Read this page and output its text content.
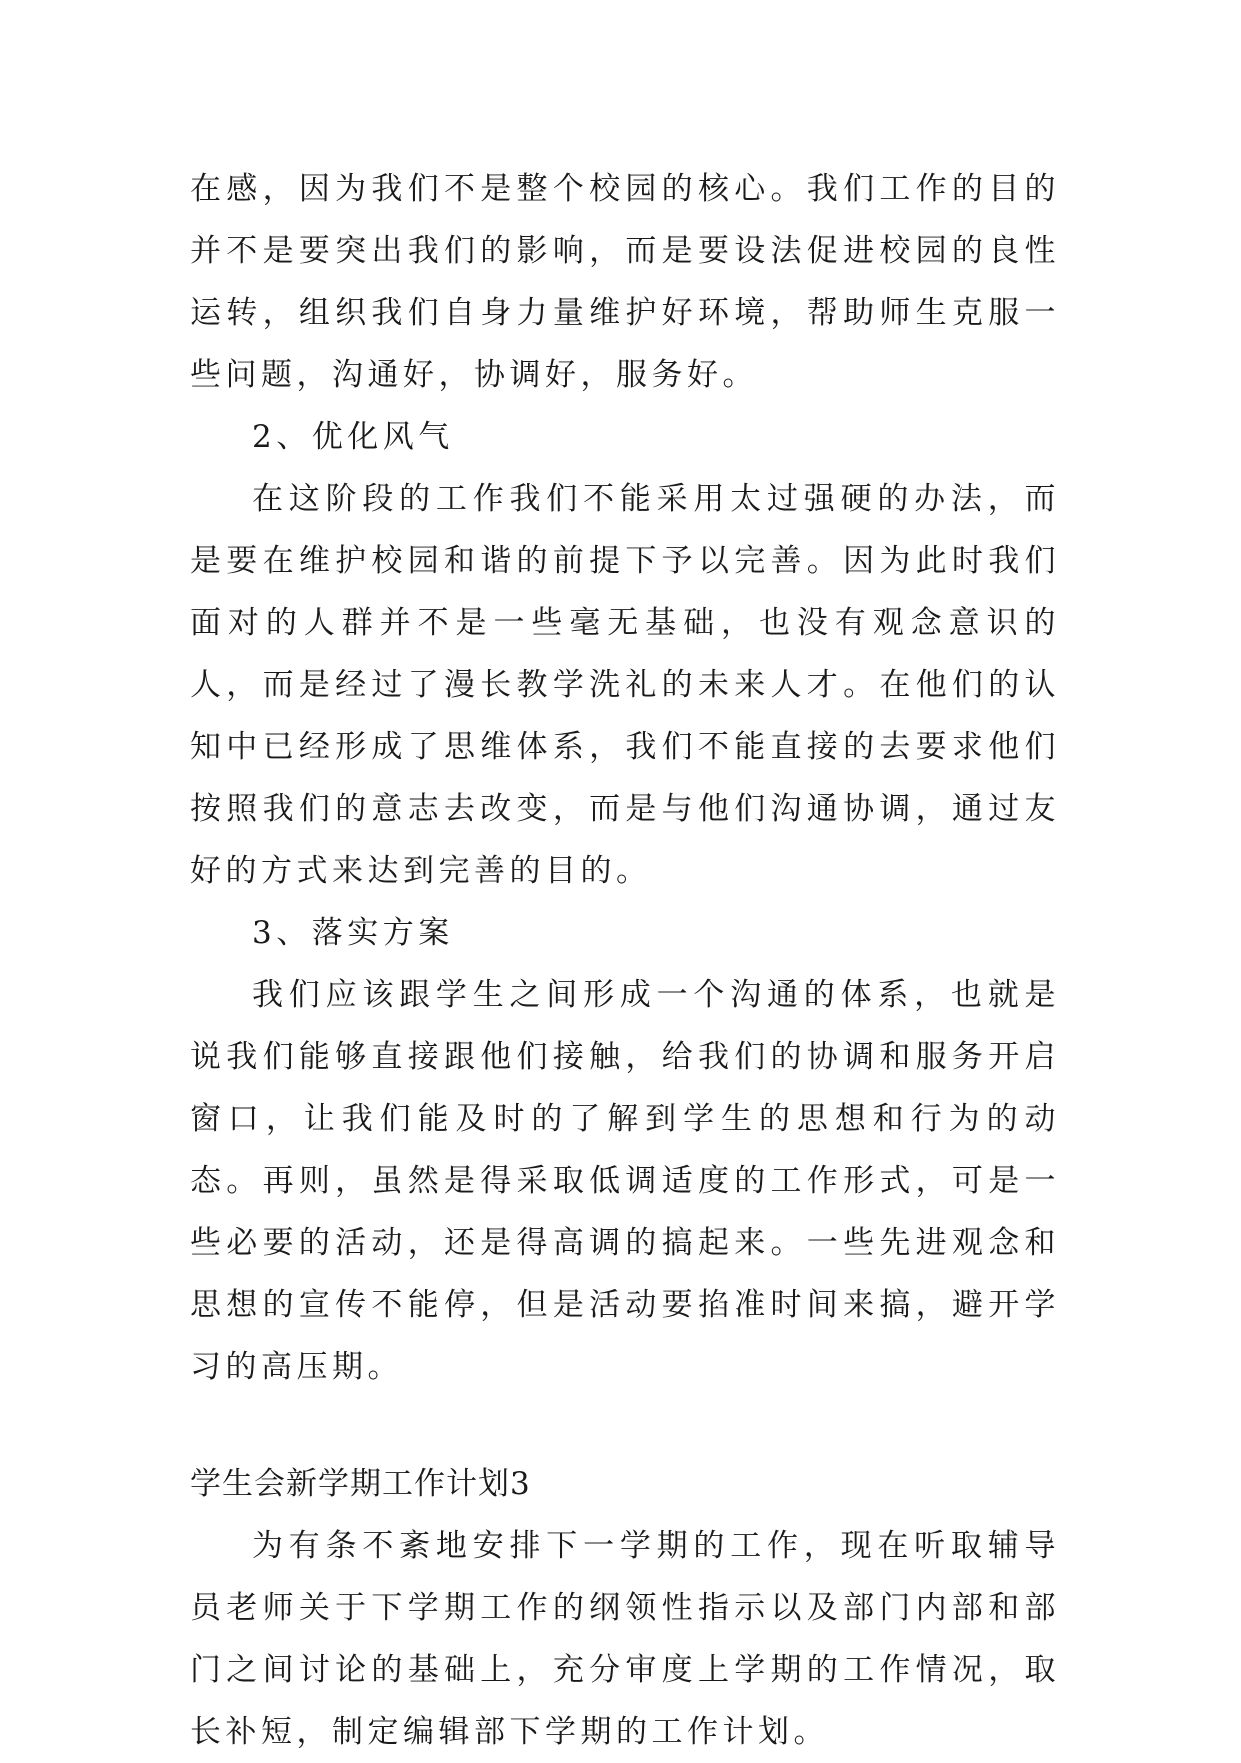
在感，因为我们不是整个校园的核心。我们工作的目的并不是要突出我们的影响，而是要设法促进校园的良性运转，组织我们自身力量维护好环境，帮助师生克服一些问题，沟通好，协调好，服务好。

2、优化风气

在这阶段的工作我们不能采用太过强硬的办法，而是要在维护校园和谐的前提下予以完善。因为此时我们面对的人群并不是一些毫无基础，也没有观念意识的人，而是经过了漫长教学洗礼的未来人才。在他们的认知中已经形成了思维体系，我们不能直接的去要求他们按照我们的意志去改变，而是与他们沟通协调，通过友好的方式来达到完善的目的。

3、落实方案

我们应该跟学生之间形成一个沟通的体系，也就是说我们能够直接跟他们接触，给我们的协调和服务开启窗口，让我们能及时的了解到学生的思想和行为的动态。再则，虽然是得采取低调适度的工作形式，可是一些必要的活动，还是得高调的搞起来。一些先进观念和思想的宣传不能停，但是活动要掐准时间来搞，避开学习的高压期。

学生会新学期工作计划3

为有条不紊地安排下一学期的工作，现在听取辅导员老师关于下学期工作的纲领性指示以及部门内部和部门之间讨论的基础上，充分审度上学期的工作情况，取长补短，制定编辑部下学期的工作计划。
